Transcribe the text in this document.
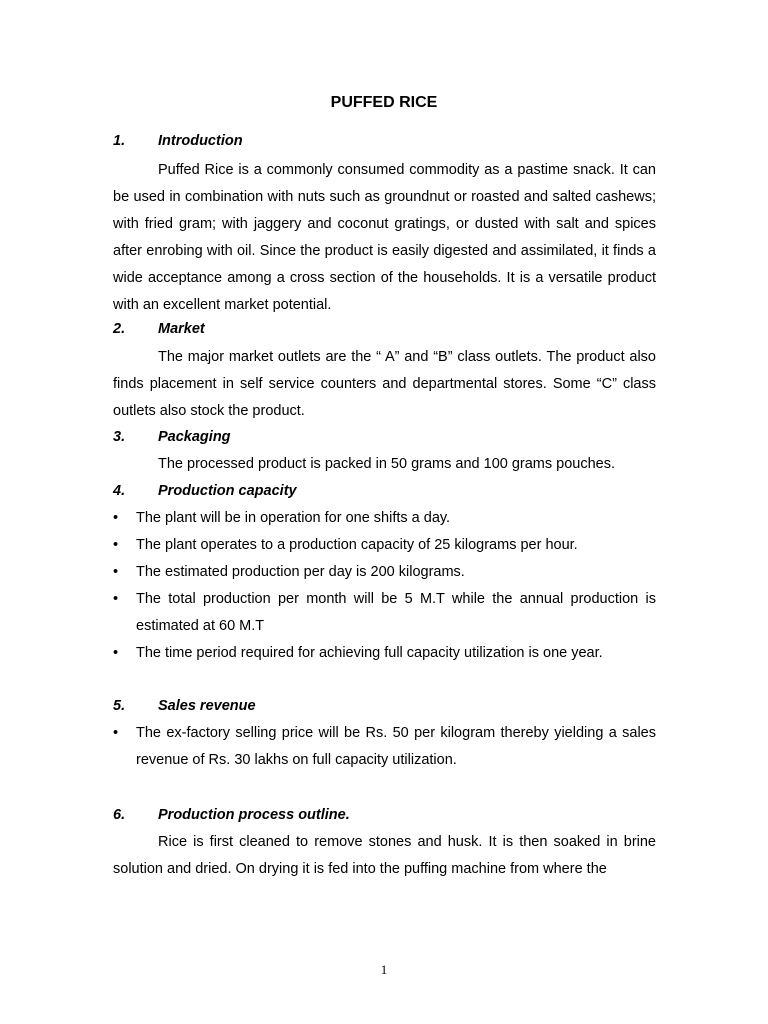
PUFFED RICE
1. Introduction

Puffed Rice is a commonly consumed commodity as a pastime snack. It can be used in combination with nuts such as groundnut or roasted and salted cashews; with fried gram; with jaggery and coconut gratings, or dusted with salt and spices after enrobing with oil. Since the product is easily digested and assimilated, it finds a wide acceptance among a cross section of the households. It is a versatile product with an excellent market potential.

2. Market

The major market outlets are the “ A” and “B” class outlets. The product also finds placement in self service counters and departmental stores. Some “C” class outlets also stock the product.

3. Packaging
The processed product is packed in 50 grams and 100 grams pouches.
4. Production capacity
• The plant will be in operation for one shifts a day.
• The plant operates to a production capacity of 25 kilograms per hour.
• The estimated production per day is 200 kilograms.
• The total production per month will be 5 M.T while the annual production is estimated at 60 M.T
• The time period required for achieving full capacity utilization is one year.
5. Sales revenue
• The ex-factory selling price will be Rs. 50 per kilogram thereby yielding a sales revenue of Rs. 30 lakhs on full capacity utilization.
6. Production process outline.

Rice is first cleaned to remove stones and husk. It is then soaked in brine solution and dried. On drying it is fed into the puffing machine from where the

1
